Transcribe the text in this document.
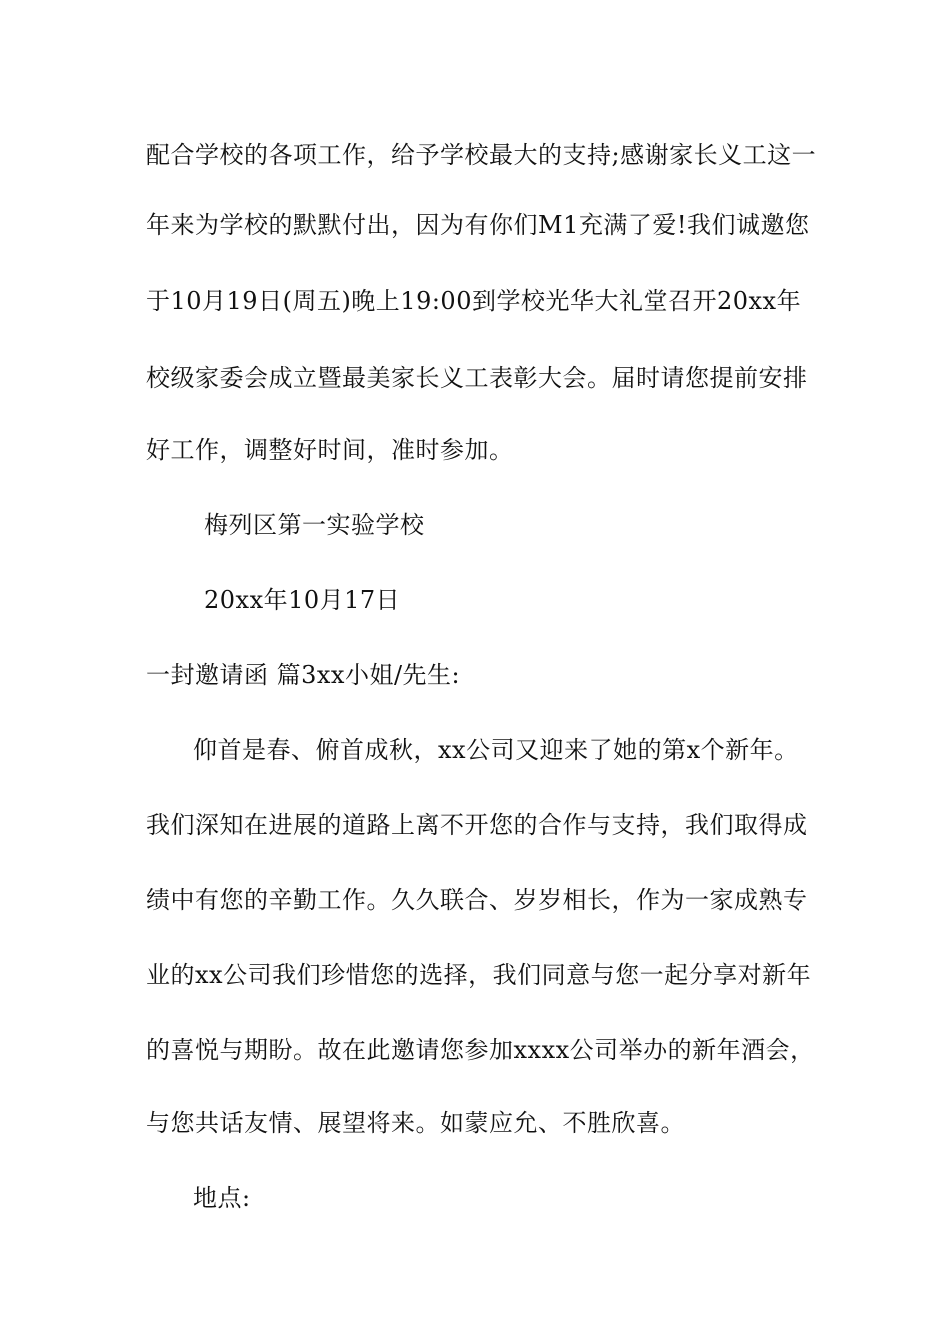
配合学校的各项工作，给予学校最大的支持;感谢家长义工这一
年来为学校的默默付出，因为有你们M1充满了爱!我们诚邀您
于10月19日(周五)晚上19:00到学校光华大礼堂召开20xx年
校级家委会成立暨最美家长义工表彰大会。届时请您提前安排
好工作，调整好时间，准时参加。
梅列区第一实验学校
20xx年10月17日
一封邀请函 篇3xx小姐/先生:
仰首是春、俯首成秋，xx公司又迎来了她的第x个新年。
我们深知在进展的道路上离不开您的合作与支持，我们取得成
绩中有您的辛勤工作。久久联合、岁岁相长，作为一家成熟专
业的xx公司我们珍惜您的选择，我们同意与您一起分享对新年
的喜悦与期盼。故在此邀请您参加xxxx公司举办的新年酒会，
与您共话友情、展望将来。如蒙应允、不胜欣喜。
地点:
